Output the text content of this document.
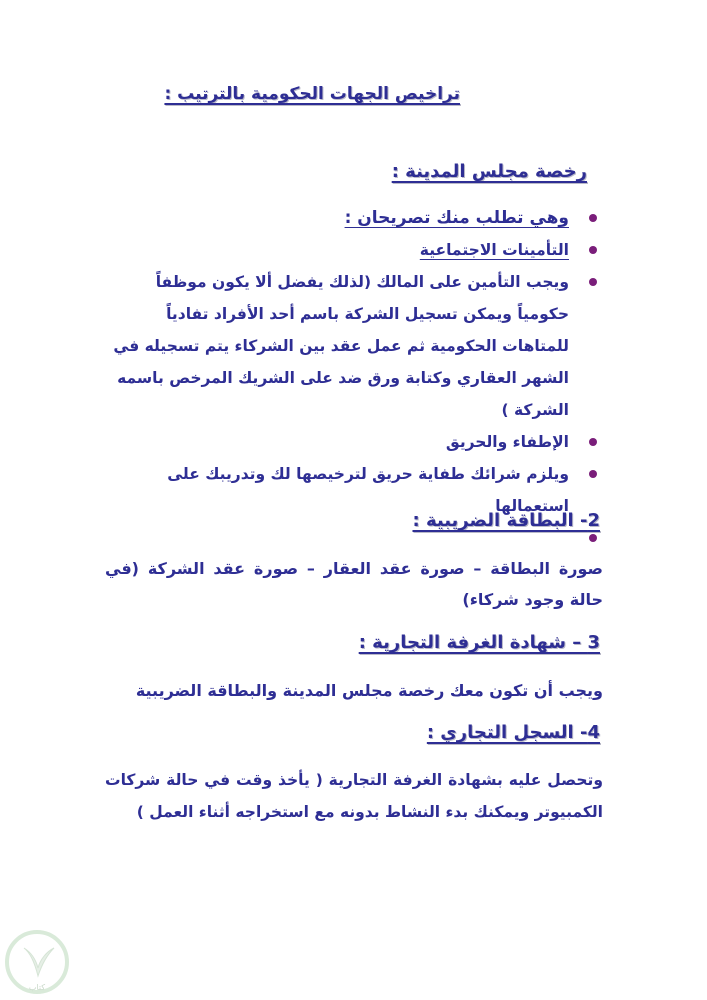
تراخيص الجهات الحكومية بالترتيب :
رخصة مجلس المدينة :
وهي تطلب منك تصريحان :
التأمينات الاجتماعية
ويجب التأمين على المالك (لذلك يفضل ألا يكون موظفاً حكومياً ويمكن تسجيل الشركة باسم أحد الأفراد تفادياً للمتاهات الحكومية ثم عمل عقد بين الشركاء يتم تسجيله في الشهر العقاري وكتابة ورق ضد على الشريك المرخص باسمه الشركة )
الإطفاء والحريق
ويلزم شرائك طفاية حريق لترخيصها لك وتدريبك على استعمالها
2- البطاقة الضريبية :
صورة البطاقة – صورة عقد العقار – صورة عقد الشركة (في حالة وجود شركاء)
3 – شهادة الغرفة التجارية :
ويجب أن تكون معك رخصة مجلس المدينة والبطاقة الضريبية
4- السجل التجاري :
وتحصل عليه بشهادة الغرفة التجارية ( يأخذ وقت في حالة شركات الكمبيوتر ويمكنك بدء النشاط بدونه مع استخراجه أثناء العمل )
كتاب
